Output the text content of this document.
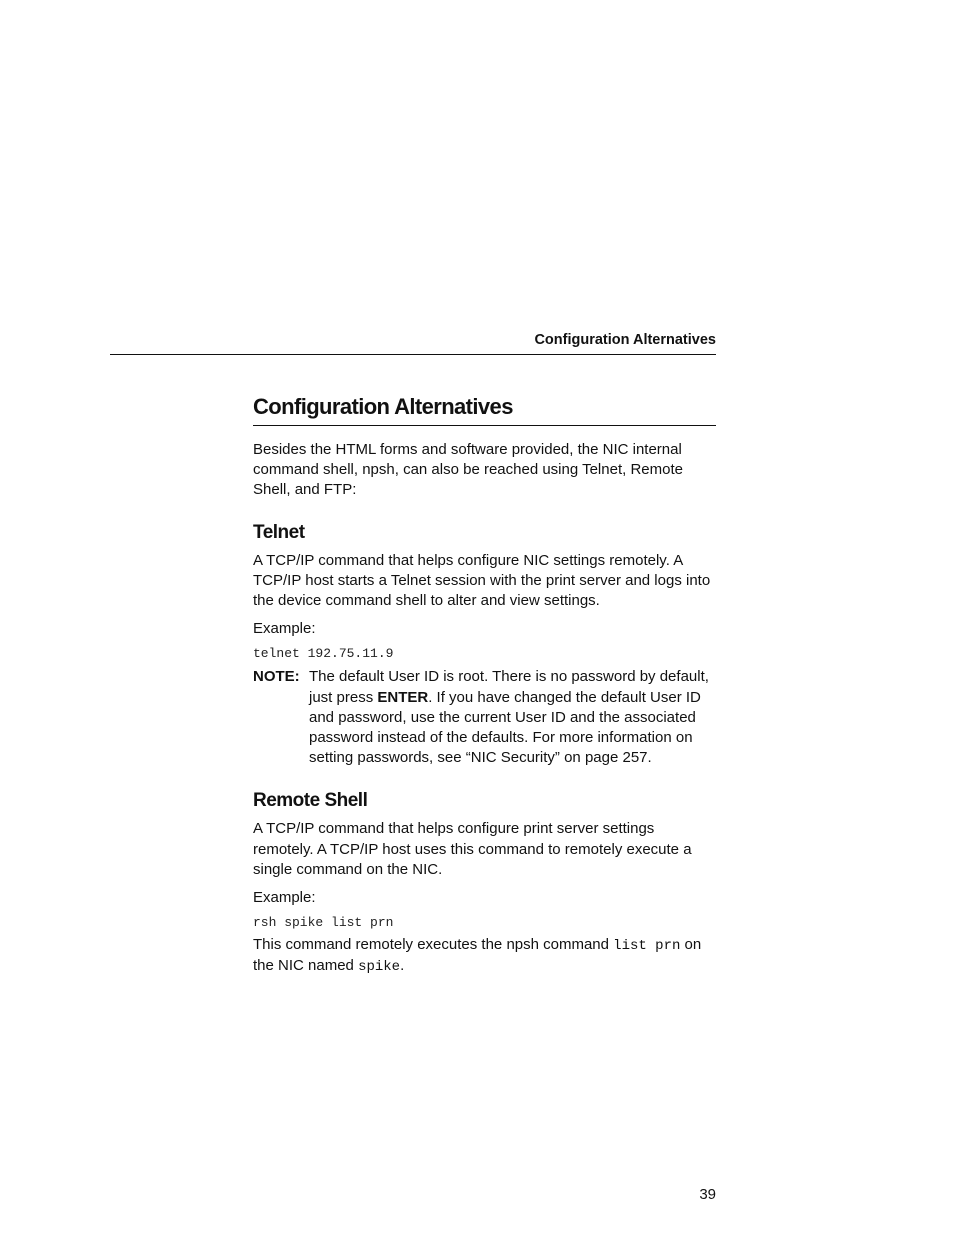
Configuration Alternatives
Configuration Alternatives

Besides the HTML forms and software provided, the NIC internal command shell, npsh, can also be reached using Telnet, Remote Shell, and FTP:

Telnet

A TCP/IP command that helps configure NIC settings remotely. A TCP/IP host starts a Telnet session with the print server and logs into the device command shell to alter and view settings.

Example:

telnet 192.75.11.9
NOTE: The default User ID is root. There is no password by default, just press ENTER. If you have changed the default User ID and password, use the current User ID and the associated password instead of the defaults. For more information on setting passwords, see “NIC Security” on page 257.
Remote Shell

A TCP/IP command that helps configure print server settings remotely. A TCP/IP host uses this command to remotely execute a single command on the NIC.

Example:

rsh spike list prn

This command remotely executes the npsh command list prn on the NIC named spike.

39
